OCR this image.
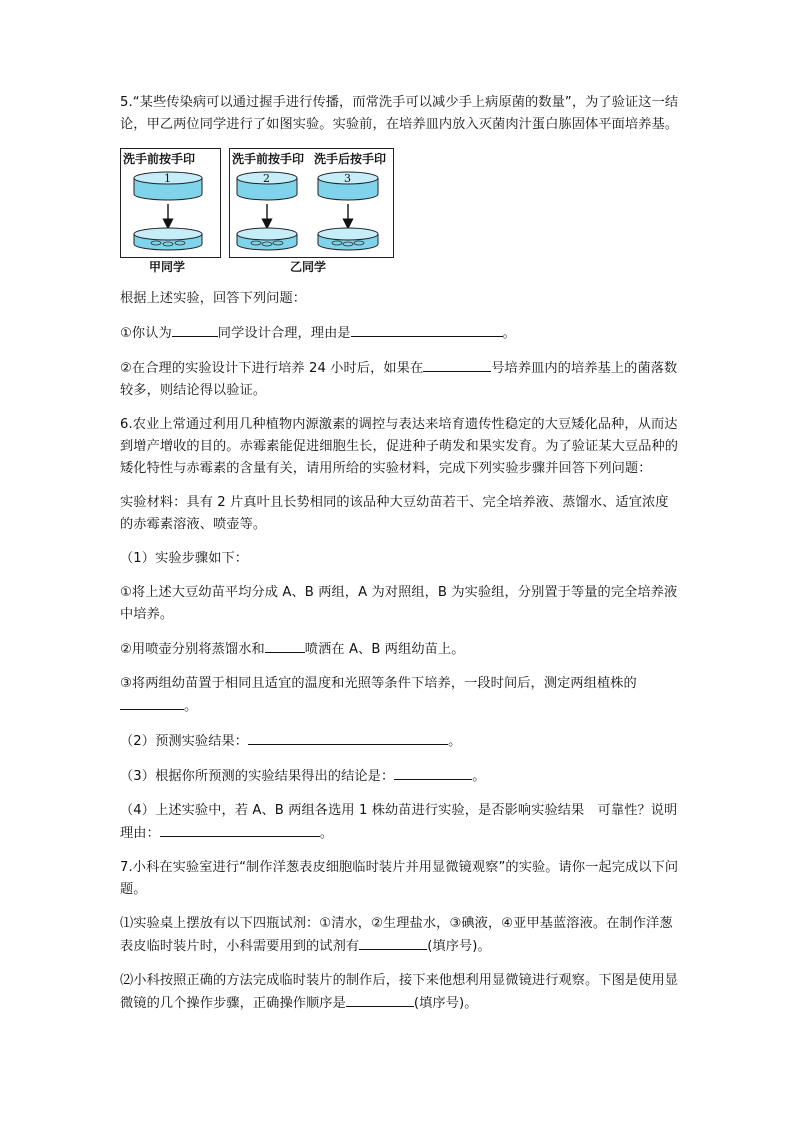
5.“某些传染病可以通过握手进行传播，而常洗手可以减少手上病原菌的数量”，为了验证这一结论，甲乙两位同学进行了如图实验。实验前，在培养皿内放入灭菌肉汁蛋白胨固体平面培养基。

洗手前按手印	洗手前按手印 洗手后按手印
1	2	3
甲同学	乙同学

根据上述实验，回答下列问题：

①你认为	同学设计合理，理由是	。

②在合理的实验设计下进行培养 24 小时后，如果在	号培养皿内的培养基上的菌落数较多，则结论得以验证。

6.农业上常通过利用几种植物内源激素的调控与表达来培育遗传性稳定的大豆矮化品种，从而达到增产增收的目的。赤霉素能促进细胞生长，促进种子萌发和果实发育。为了验证某大豆品种的矮化特性与赤霉素的含量有关，请用所给的实验材料，完成下列实验步骤并回答下列问题：

实验材料：具有 2 片真叶且长势相同的该品种大豆幼苗若干、完全培养液、蒸馏水、适宜浓度的赤霉素溶液、喷壶等。

（1）实验步骤如下：

①将上述大豆幼苗平均分成 A、B 两组，A 为对照组，B 为实验组，分别置于等量的完全培养液中培养。

②用喷壶分别将蒸馏水和	喷洒在 A、B 两组幼苗上。

③将两组幼苗置于相同且适宜的温度和光照等条件下培养，一段时间后，测定两组植株的。

（2）预测实验结果：	。

（3）根据你所预测的实验结果得出的结论是：	。

（4）上述实验中，若 A、B 两组各选用 1 株幼苗进行实验，是否影响实验结果　可靠性？说明理由：	。

7.小科在实验室进行“制作洋葱表皮细胞临时装片并用显微镜观察”的实验。请你一起完成以下问题。

⑴实验桌上摆放有以下四瓶试剂：①清水，②生理盐水，③碘液，④亚甲基蓝溶液。在制作洋葱表皮临时装片时，小科需要用到的试剂有	(填序号)。

⑵小科按照正确的方法完成临时装片的制作后，接下来他想利用显微镜进行观察。下图是使用显微镜的几个操作步骤，正确操作顺序是	(填序号)。
